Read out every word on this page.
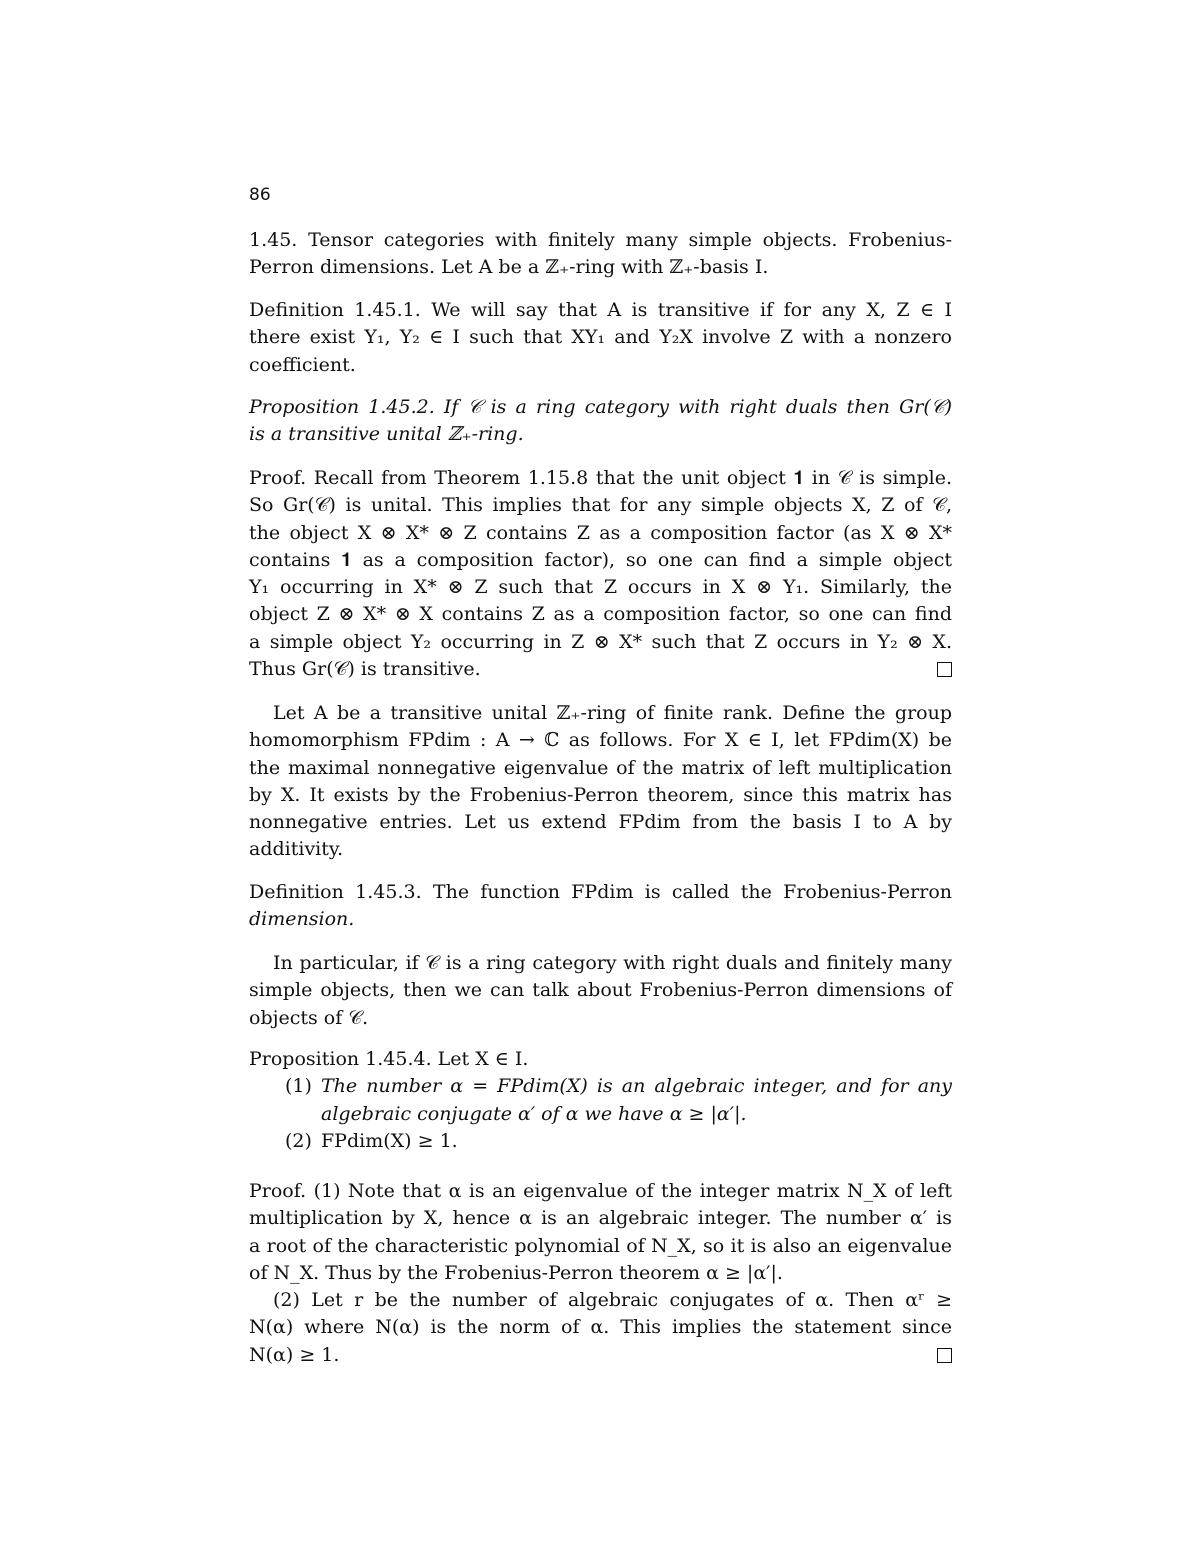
86
1.45. Tensor categories with finitely many simple objects. Frobenius-
Perron dimensions. Let A be a ℤ₊-ring with ℤ₊-basis I.
Definition 1.45.1. We will say that A is transitive if for any X, Z ∈ I
there exist Y₁, Y₂ ∈ I such that XY₁ and Y₂X involve Z with a nonzero
coefficient.
Proposition 1.45.2. If 𝒞 is a ring category with right duals then Gr(𝒞)
is a transitive unital ℤ₊-ring.
Proof. Recall from Theorem 1.15.8 that the unit object 𝟏 in 𝒞 is simple.
So Gr(𝒞) is unital. This implies that for any simple objects X, Z of 𝒞,
the object X ⊗ X* ⊗ Z contains Z as a composition factor (as X ⊗ X*
contains 𝟏 as a composition factor), so one can find a simple object
Y₁ occurring in X* ⊗ Z such that Z occurs in X ⊗ Y₁. Similarly, the
object Z ⊗ X* ⊗ X contains Z as a composition factor, so one can find
a simple object Y₂ occurring in Z ⊗ X* such that Z occurs in Y₂ ⊗ X.
Thus Gr(𝒞) is transitive.
Let A be a transitive unital ℤ₊-ring of finite rank. Define the group
homomorphism FPdim : A → ℂ as follows. For X ∈ I, let FPdim(X) be
the maximal nonnegative eigenvalue of the matrix of left multiplication
by X. It exists by the Frobenius-Perron theorem, since this matrix has
nonnegative entries. Let us extend FPdim from the basis I to A by
additivity.
Definition 1.45.3. The function FPdim is called the Frobenius-Perron
dimension.
In particular, if 𝒞 is a ring category with right duals and finitely many
simple objects, then we can talk about Frobenius-Perron dimensions of
objects of 𝒞.
Proposition 1.45.4. Let X ∈ I.
(1) The number α = FPdim(X) is an algebraic integer, and for any
algebraic conjugate α′ of α we have α ≥ |α′|.
(2) FPdim(X) ≥ 1.
Proof. (1) Note that α is an eigenvalue of the integer matrix N_X of left
multiplication by X, hence α is an algebraic integer. The number α′ is
a root of the characteristic polynomial of N_X, so it is also an eigenvalue
of N_X. Thus by the Frobenius-Perron theorem α ≥ |α′|.
(2) Let r be the number of algebraic conjugates of α. Then αʳ ≥
N(α) where N(α) is the norm of α. This implies the statement since
N(α) ≥ 1.
